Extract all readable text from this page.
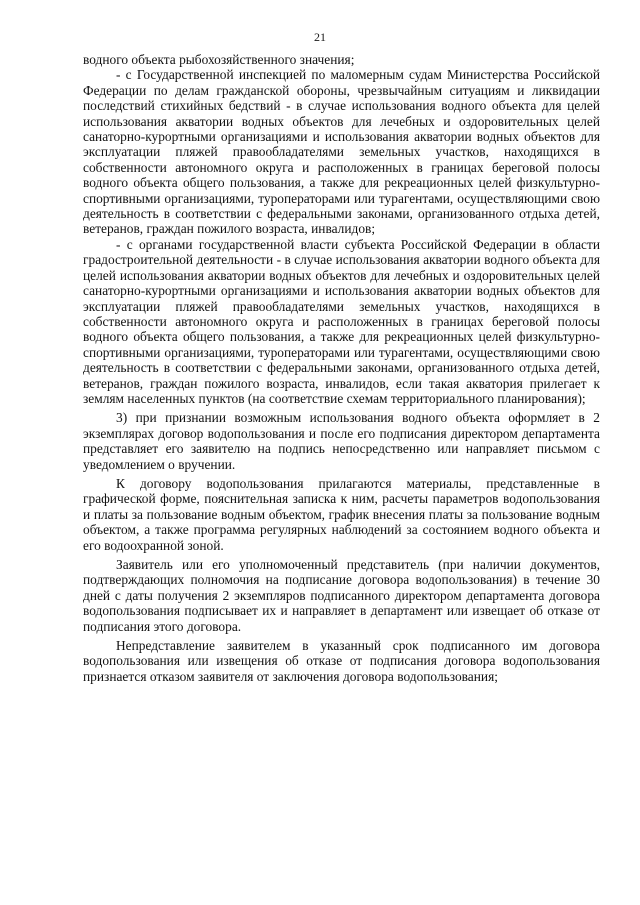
21

водного объекта рыбохозяйственного значения;

- с Государственной инспекцией по маломерным судам Министерства Российской Федерации по делам гражданской обороны, чрезвычайным ситуациям и ликвидации последствий стихийных бедствий - в случае использования водного объекта для целей использования акватории водных объектов для лечебных и оздоровительных целей санаторно-курортными организациями и использования акватории водных объектов для эксплуатации пляжей правообладателями земельных участков, находящихся в собственности автономного округа и расположенных в границах береговой полосы водного объекта общего пользования, а также для рекреационных целей физкультурно-спортивными организациями, туроператорами или турагентами, осуществляющими свою деятельность в соответствии с федеральными законами, организованного отдыха детей, ветеранов, граждан пожилого возраста, инвалидов;

- с органами государственной власти субъекта Российской Федерации в области градостроительной деятельности - в случае использования акватории водного объекта для целей использования акватории водных объектов для лечебных и оздоровительных целей санаторно-курортными организациями и использования акватории водных объектов для эксплуатации пляжей правообладателями земельных участков, находящихся в собственности автономного округа и расположенных в границах береговой полосы водного объекта общего пользования, а также для рекреационных целей физкультурно-спортивными организациями, туроператорами или турагентами, осуществляющими свою деятельность в соответствии с федеральными законами, организованного отдыха детей, ветеранов, граждан пожилого возраста, инвалидов, если такая акватория прилегает к землям населенных пунктов (на соответствие схемам территориального планирования);

3) при признании возможным использования водного объекта оформляет в 2 экземплярах договор водопользования и после его подписания директором департамента представляет его заявителю на подпись непосредственно или направляет письмом с уведомлением о вручении.

К договору водопользования прилагаются материалы, представленные в графической форме, пояснительная записка к ним, расчеты параметров водопользования и платы за пользование водным объектом, график внесения платы за пользование водным объектом, а также программа регулярных наблюдений за состоянием водного объекта и его водоохранной зоной.

Заявитель или его уполномоченный представитель (при наличии документов, подтверждающих полномочия на подписание договора водопользования) в течение 30 дней с даты получения 2 экземпляров подписанного директором департамента договора водопользования подписывает их и направляет в департамент или извещает об отказе от подписания этого договора.

Непредставление заявителем в указанный срок подписанного им договора водопользования или извещения об отказе от подписания договора водопользования признается отказом заявителя от заключения договора водопользования;
